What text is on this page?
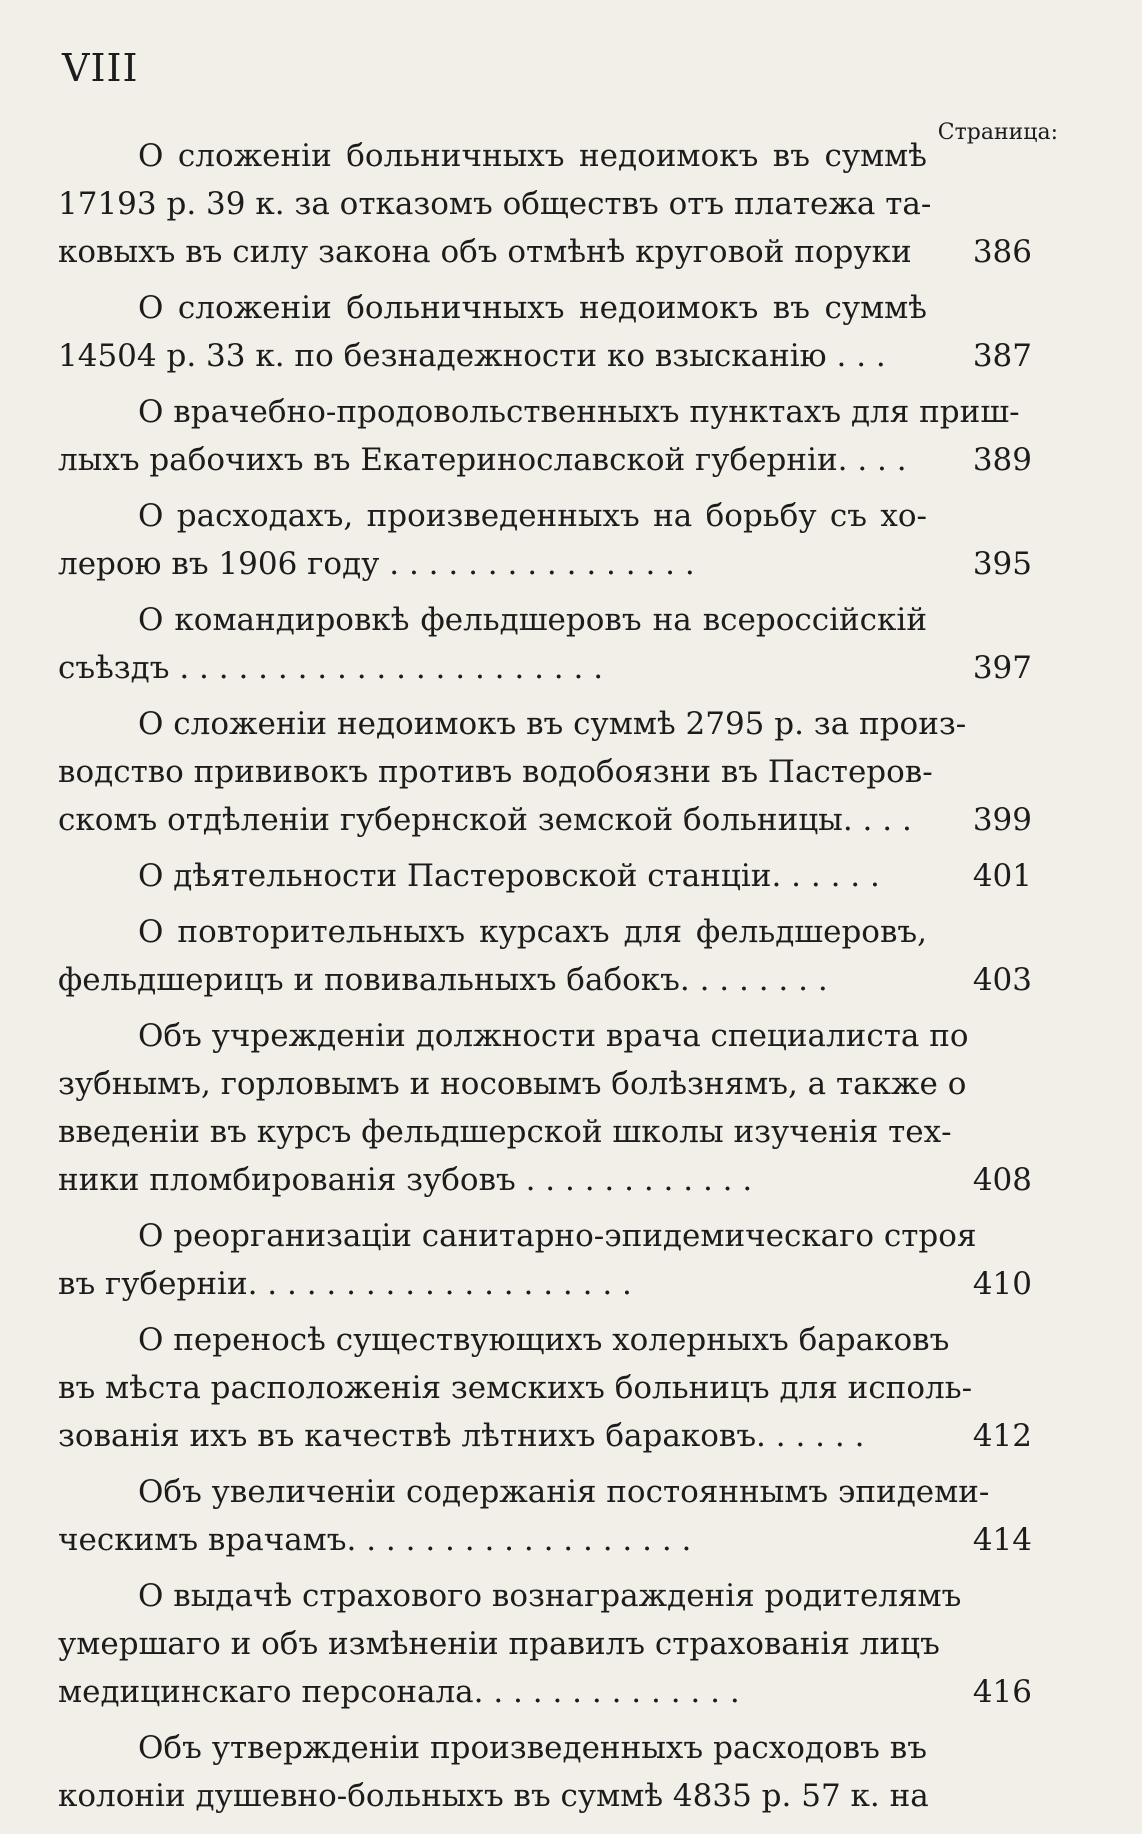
VIII
Страница:
О сложенiи больничныхъ недоимокъ въ суммѣ
17193 р. 39 к. за отказомъ обществъ отъ платежа та-
ковыхъ въ силу закона объ отмѣнѣ круговой поруки	386
О сложенiи больничныхъ недоимокъ въ суммѣ
14504 р. 33 к. по безнадежности ко взысканiю . . .	387
О врачебно-продовольственныхъ пунктахъ для приш-
лыхъ рабочихъ въ Екатеринославской губернiи. . . .	389
О расходахъ, произведенныхъ на борьбу съ хо-
лерою въ 1906 году . . . . . . . . . . . . . . . .	395
О командировкѣ фельдшеровъ на всероссiйскiй
съѣздъ . . . . . . . . . . . . . . . . . . . . . .	397
О сложенiи недоимокъ въ суммѣ 2795 р. за произ-
водство прививокъ противъ водобоязни въ Пастеров-
скомъ отдѣленiи губернской земской больницы. . . .	399
О дѣятельности Пастеровской станцiи. . . . . .	401
О повторительныхъ курсахъ для фельдшеровъ,
фельдшерицъ и повивальныхъ бабокъ. . . . . . . .	403
Объ учрежденiи должности врача специалиста по
зубнымъ, горловымъ и носовымъ болѣзнямъ, а также о
введенiи въ курсъ фельдшерской школы изученiя тех-
ники пломбированiя зубовъ . . . . . . . . . . . .	408
О реорганизацiи санитарно-эпидемическаго строя
въ губернiи. . . . . . . . . . . . . . . . . . . .	410
О переносѣ существующихъ холерныхъ бараковъ
въ мѣста расположенiя земскихъ больницъ для исполь-
зованiя ихъ въ качествѣ лѣтнихъ бараковъ. . . . . .	412
Объ увеличенiи содержанiя постояннымъ эпидеми-
ческимъ врачамъ. . . . . . . . . . . . . . . . . .	414
О выдачѣ страхового вознагражденiя родителямъ
умершаго и объ измѣненiи правилъ страхованiя лицъ
медицинскаго персонала. . . . . . . . . . . . . .	416
Объ утвержденiи произведенныхъ расходовъ въ
колонiи душевно-больныхъ въ суммѣ 4835 р. 57 к. на
